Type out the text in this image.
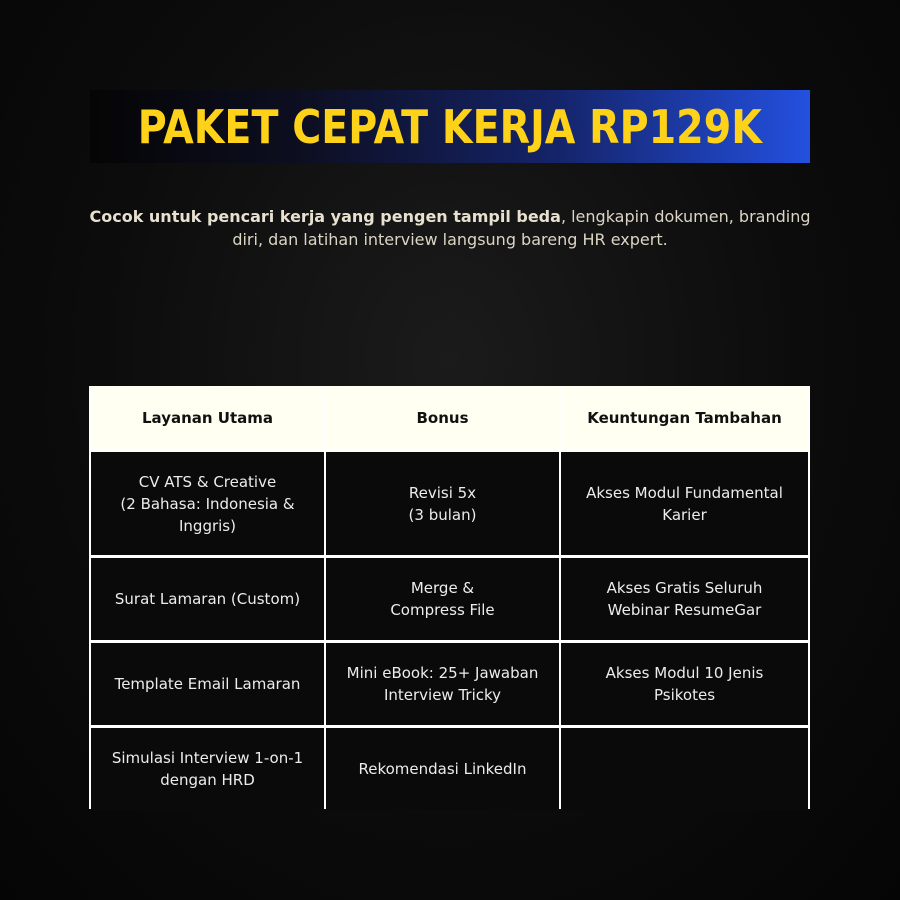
PAKET CEPAT KERJA RP129K
Cocok untuk pencari kerja yang pengen tampil beda, lengkapin dokumen, branding diri, dan latihan interview langsung bareng HR expert.
Layanan Utama	Bonus	Keuntungan Tambahan
CV ATS & Creative
(2 Bahasa: Indonesia &
Inggris)
Revisi 5x
(3 bulan)
Akses Modul Fundamental
Karier
Surat Lamaran (Custom)
Merge &
Compress File
Akses Gratis Seluruh
Webinar ResumeGar
Template Email Lamaran
Mini eBook: 25+ Jawaban
Interview Tricky
Akses Modul 10 Jenis
Psikotes
Simulasi Interview 1-on-1
dengan HRD
Rekomendasi LinkedIn
